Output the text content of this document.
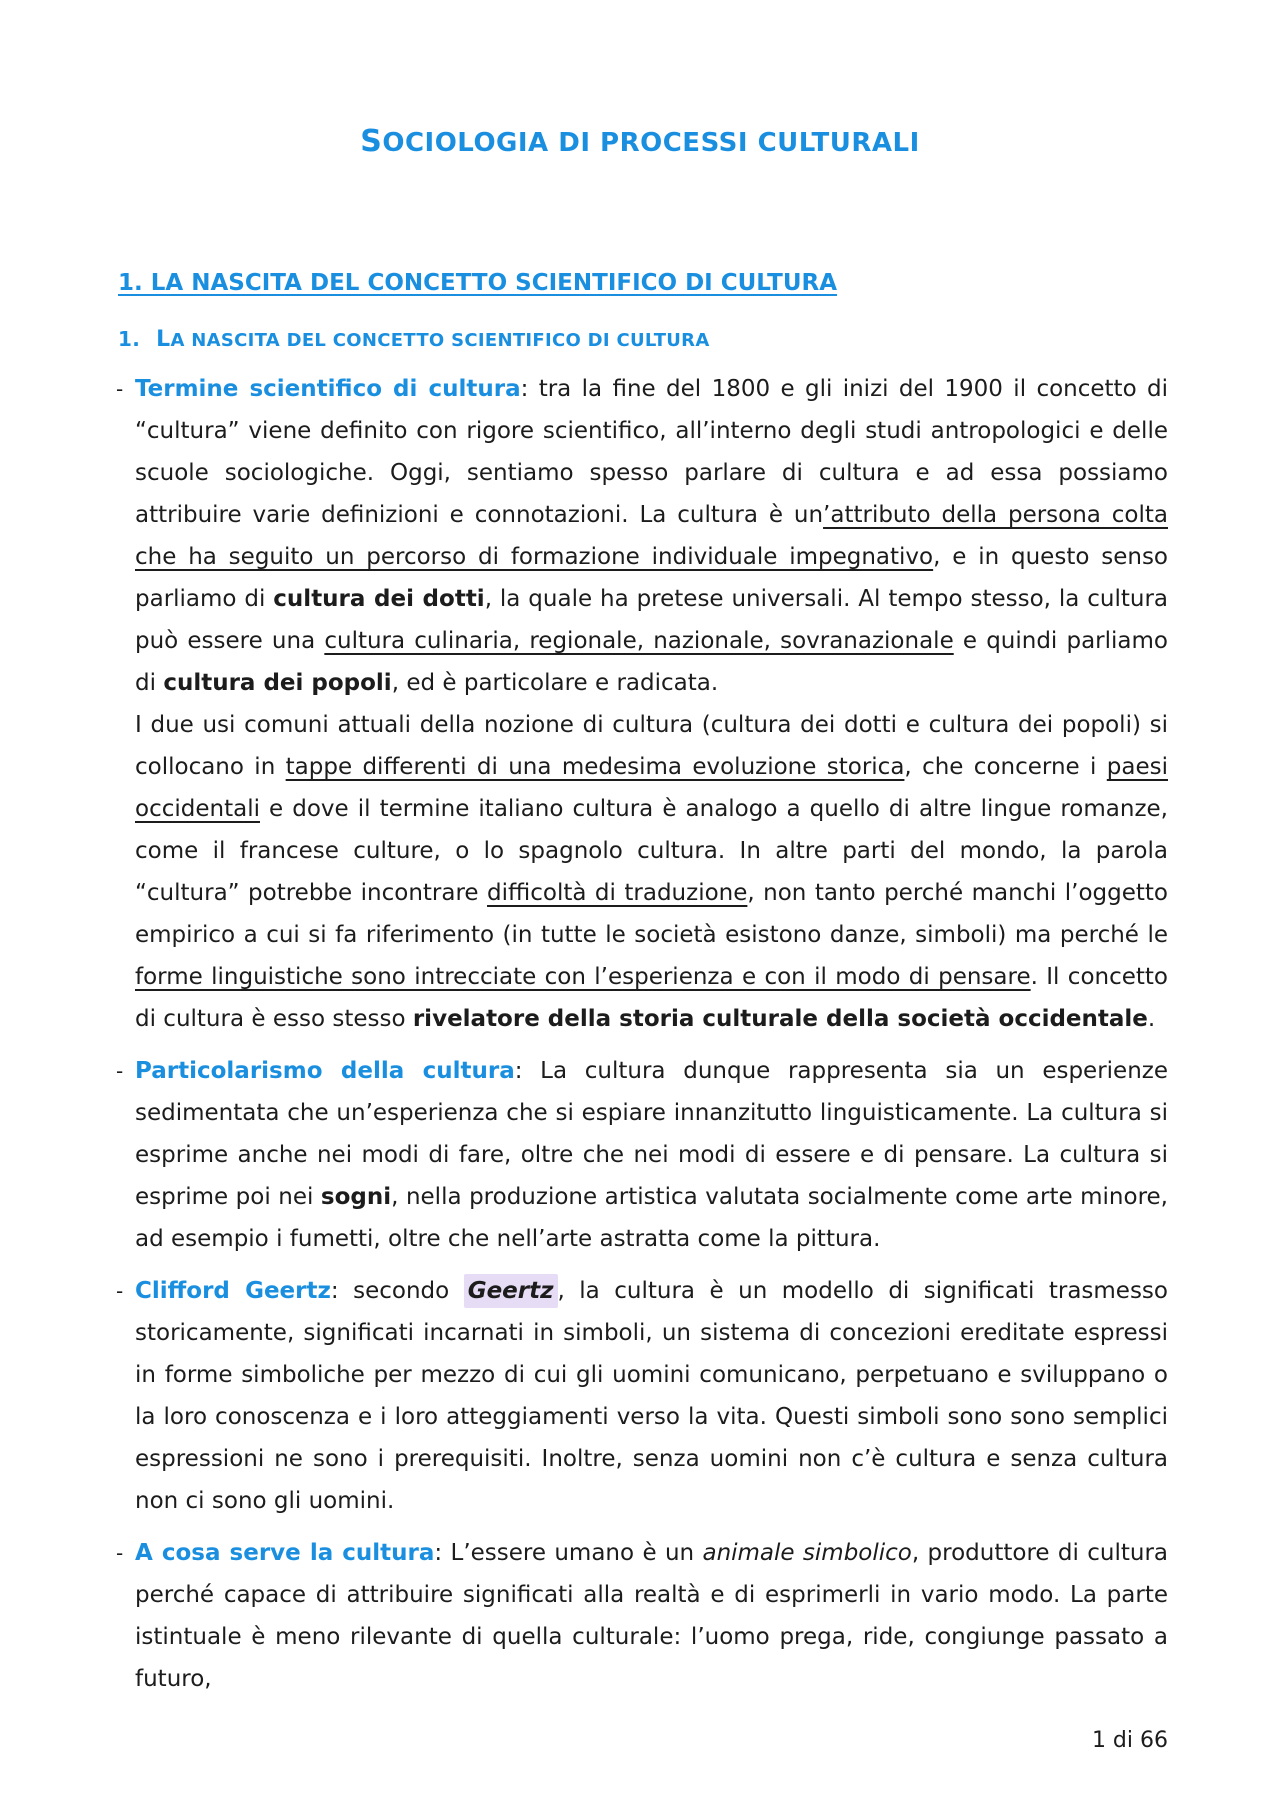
SOCIOLOGIA DI PROCESSI CULTURALI
1. LA NASCITA DEL CONCETTO SCIENTIFICO DI CULTURA
1. LA NASCITA DEL CONCETTO SCIENTIFICO DI CULTURA
- Termine scientifico di cultura: tra la fine del 1800 e gli inizi del 1900 il concetto di “cultura” viene definito con rigore scientifico, all’interno degli studi antropologici e delle scuole sociologiche. Oggi, sentiamo spesso parlare di cultura e ad essa possiamo attribuire varie definizioni e connotazioni. La cultura è un’attributo della persona colta che ha seguito un percorso di formazione individuale impegnativo, e in questo senso parliamo di cultura dei dotti, la quale ha pretese universali. Al tempo stesso, la cultura può essere una cultura culinaria, regionale, nazionale, sovranazionale e quindi parliamo di cultura dei popoli, ed è particolare e radicata.
I due usi comuni attuali della nozione di cultura (cultura dei dotti e cultura dei popoli) si collocano in tappe differenti di una medesima evoluzione storica, che concerne i paesi occidentali e dove il termine italiano cultura è analogo a quello di altre lingue romanze, come il francese culture, o lo spagnolo cultura. In altre parti del mondo, la parola “cultura” potrebbe incontrare difficoltà di traduzione, non tanto perché manchi l’oggetto empirico a cui si fa riferimento (in tutte le società esistono danze, simboli) ma perché le forme linguistiche sono intrecciate con l’esperienza e con il modo di pensare. Il concetto di cultura è esso stesso rivelatore della storia culturale della società occidentale.
- Particolarismo della cultura: La cultura dunque rappresenta sia un esperienze sedimentata che un’esperienza che si espiare innanzitutto linguisticamente. La cultura si esprime anche nei modi di fare, oltre che nei modi di essere e di pensare. La cultura si esprime poi nei sogni, nella produzione artistica valutata socialmente come arte minore, ad esempio i fumetti, oltre che nell’arte astratta come la pittura.
- Clifford Geertz: secondo Geertz , la cultura è un modello di significati trasmesso storicamente, significati incarnati in simboli, un sistema di concezioni ereditate espressi in forme simboliche per mezzo di cui gli uomini comunicano, perpetuano e sviluppano o la loro conoscenza e i loro atteggiamenti verso la vita. Questi simboli sono sono semplici espressioni ne sono i prerequisiti. Inoltre, senza uomini non c’è cultura e senza cultura non ci sono gli uomini.
- A cosa serve la cultura: L’essere umano è un animale simbolico, produttore di cultura perché capace di attribuire significati alla realtà e di esprimerli in vario modo. La parte istintuale è meno rilevante di quella culturale: l’uomo prega, ride, congiunge passato a futuro,
1 di 66
